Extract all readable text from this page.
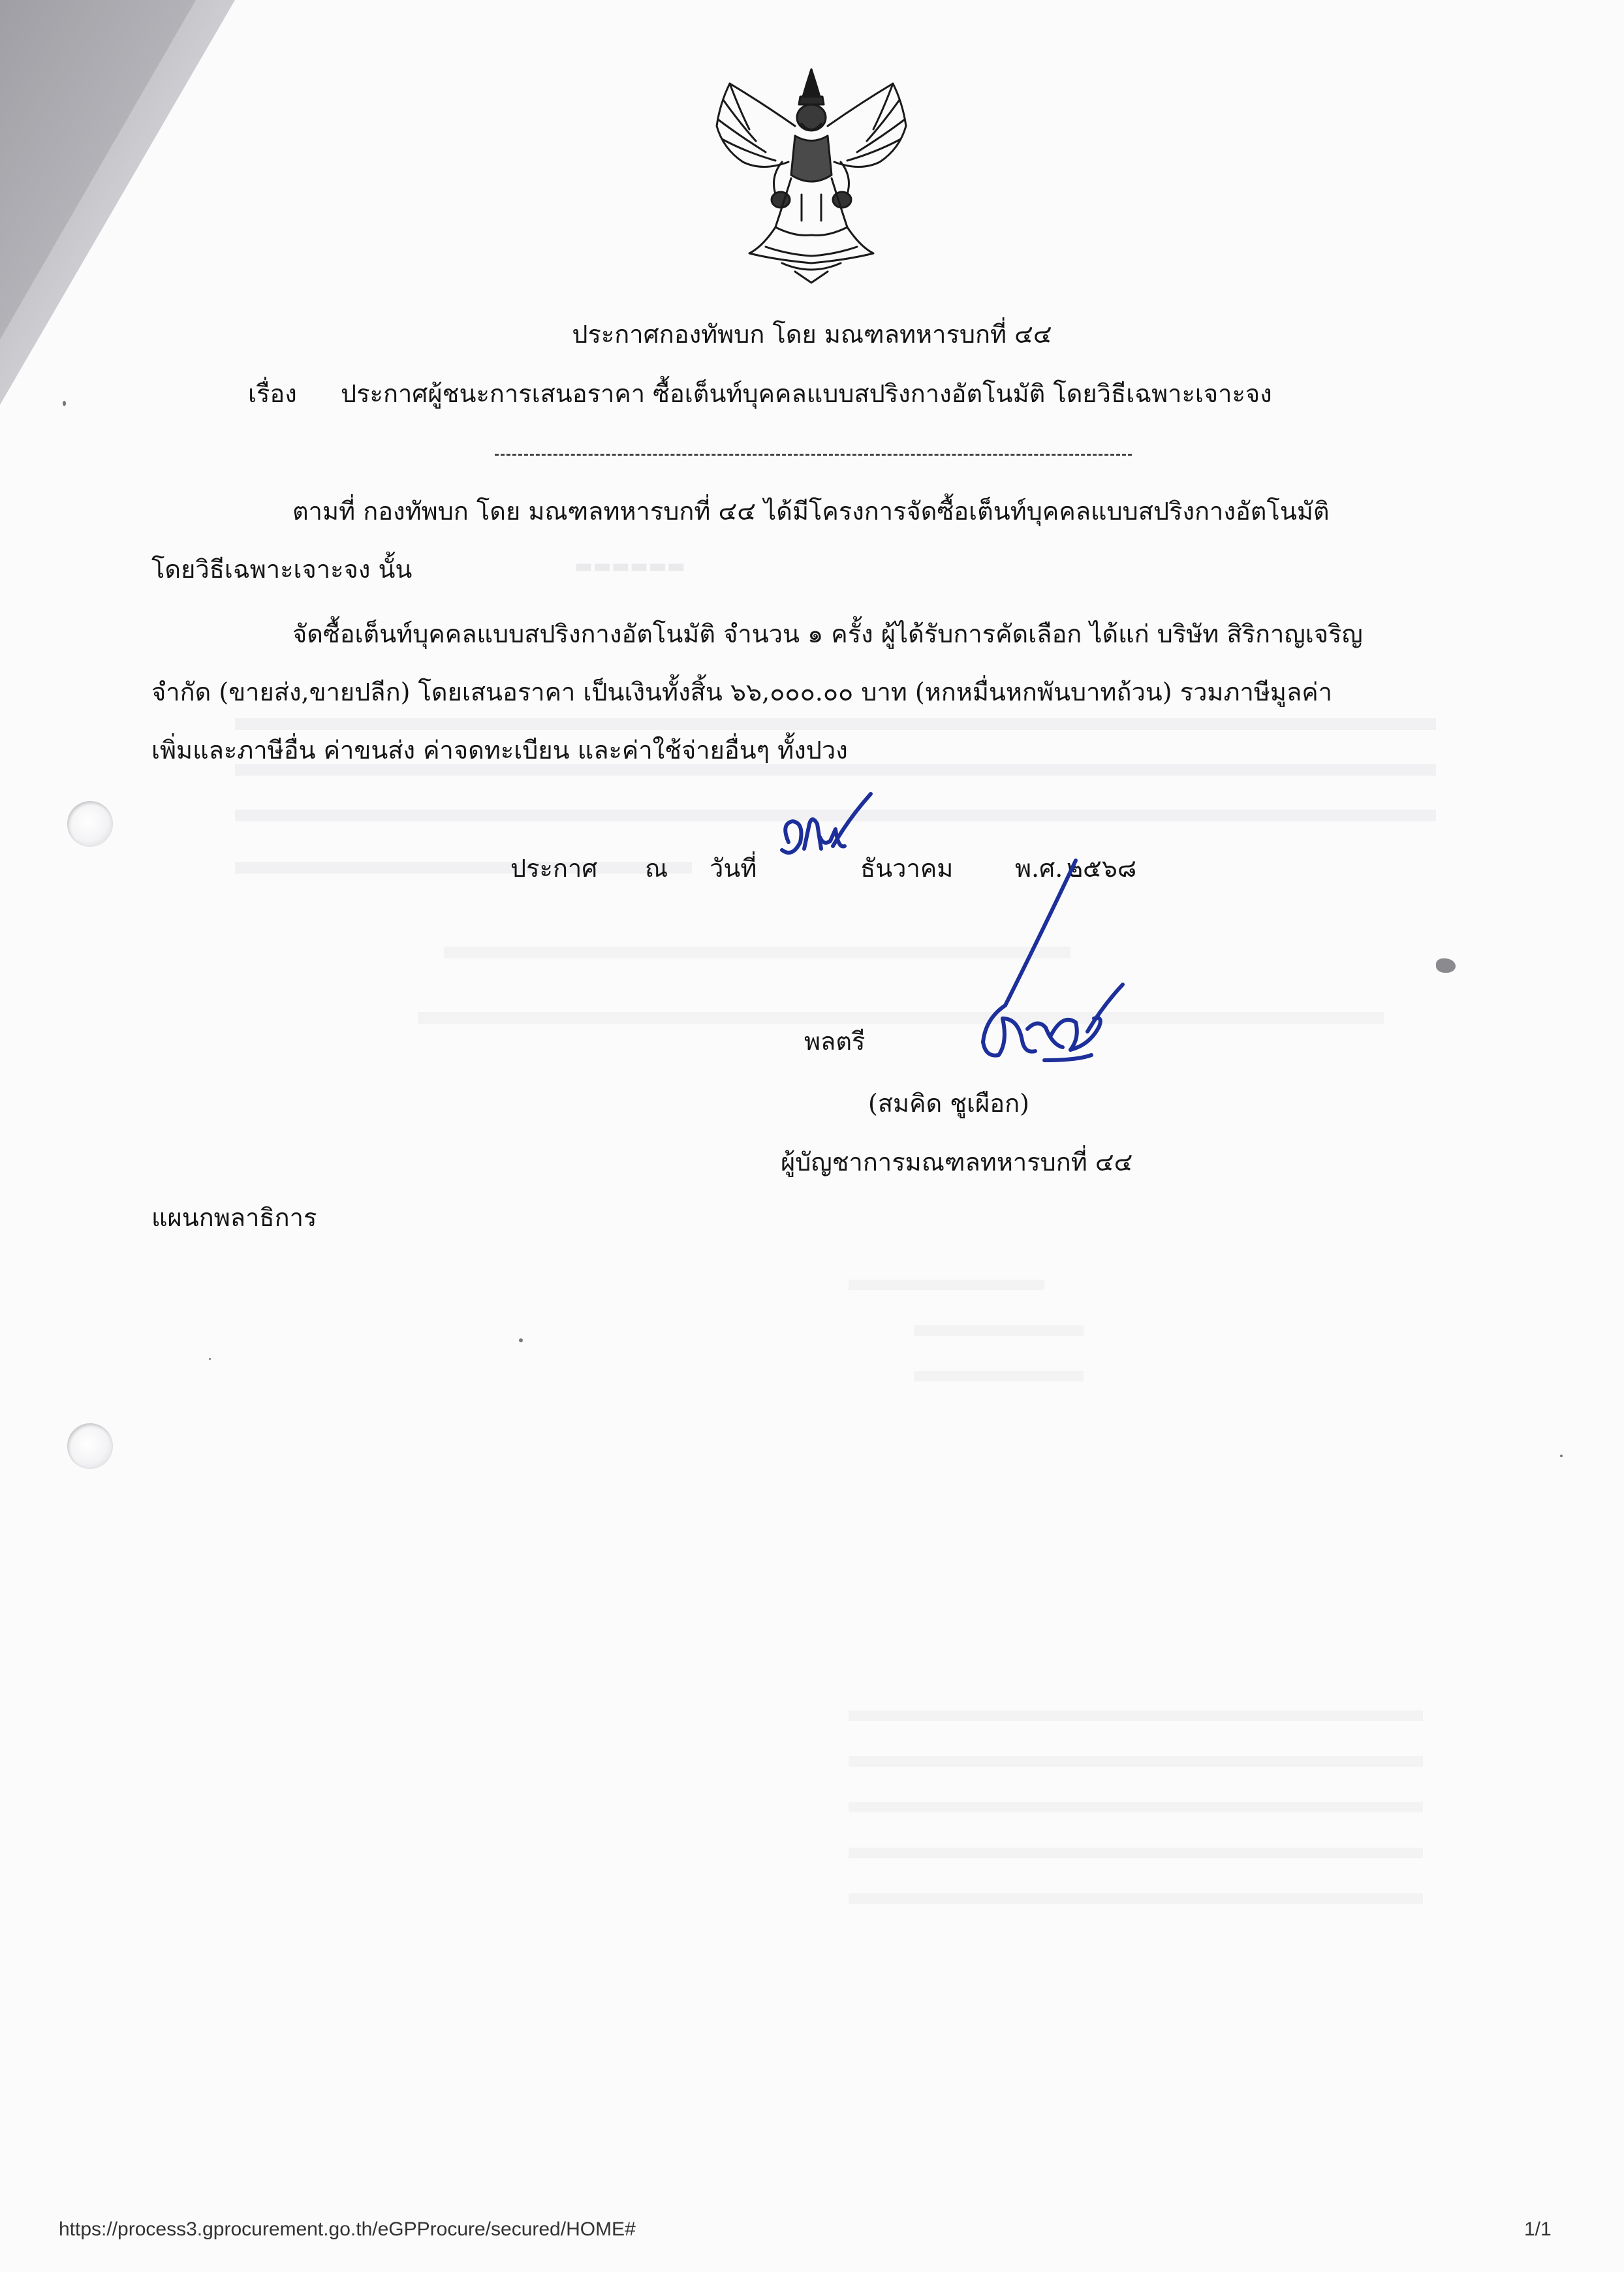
▬▬▬▬▬▬
ประกาศกองทัพบก โดย มณฑลทหารบกที่ ๔๔
เรื่อง ประกาศผู้ชนะการเสนอราคา ซื้อเต็นท์บุคคลแบบสปริงกางอัตโนมัติ โดยวิธีเฉพาะเจาะจง
ตามที่ กองทัพบก โดย มณฑลทหารบกที่ ๔๔ ได้มีโครงการจัดซื้อเต็นท์บุคคลแบบสปริงกางอัตโนมัติ
โดยวิธีเฉพาะเจาะจง นั้น
จัดซื้อเต็นท์บุคคลแบบสปริงกางอัตโนมัติ จำนวน ๑ ครั้ง ผู้ได้รับการคัดเลือก ได้แก่ บริษัท สิริกาญเจริญ
จำกัด (ขายส่ง,ขายปลีก) โดยเสนอราคา เป็นเงินทั้งสิ้น ๖๖,๐๐๐.๐๐ บาท (หกหมื่นหกพันบาทถ้วน) รวมภาษีมูลค่า
เพิ่มและภาษีอื่น ค่าขนส่ง ค่าจดทะเบียน และค่าใช้จ่ายอื่นๆ ทั้งปวง
ประกาศ ณ วันที่	ธันวาคม พ.ศ. ๒๕๖๘
พลตรี
(สมคิด ชูเผือก)
ผู้บัญชาการมณฑลทหารบกที่ ๔๔
แผนกพลาธิการ
https://process3.gprocurement.go.th/eGPProcure/secured/HOME#	1/1
